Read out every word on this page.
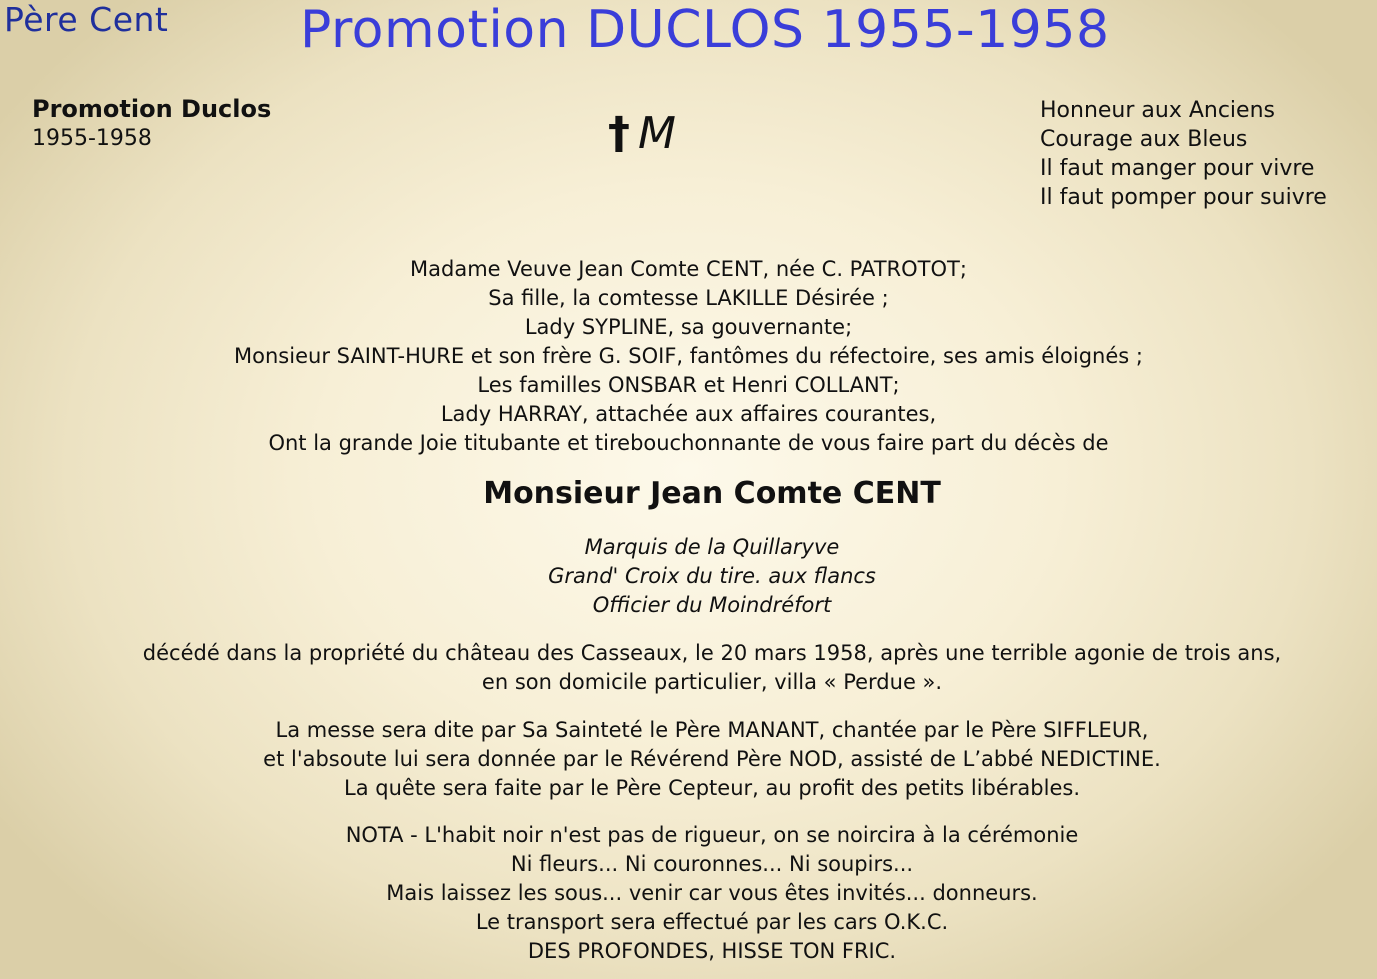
Père Cent	Promotion DUCLOS 1955-1958
Promotion Duclos
1955-1958	† M	Honneur aux Anciens
Courage aux Bleus
Il faut manger pour vivre
Il faut pomper pour suivre
Madame Veuve Jean Comte CENT, née C. PATROTOT;
Sa fille, la comtesse LAKILLE Désirée ;
Lady SYPLINE, sa gouvernante;
Monsieur SAINT-HURE et son frère G. SOIF, fantômes du réfectoire, ses amis éloignés ;
Les familles ONSBAR et Henri COLLANT;
Lady HARRAY, attachée aux affaires courantes,
Ont la grande Joie titubante et tirebouchonnante de vous faire part du décès de
Monsieur Jean Comte CENT
Marquis de la Quillaryve
Grand' Croix du tire. aux flancs
Officier du Moindréfort
décédé dans la propriété du château des Casseaux, le 20 mars 1958, après une terrible agonie de trois ans,
en son domicile particulier, villa « Perdue ».
La messe sera dite par Sa Sainteté le Père MANANT, chantée par le Père SIFFLEUR,
et l'absoute lui sera donnée par le Révérend Père NOD, assisté de L’abbé NEDICTINE.
La quête sera faite par le Père Cepteur, au profit des petits libérables.
NOTA - L'habit noir n'est pas de rigueur, on se noircira à la cérémonie
Ni fleurs... Ni couronnes... Ni soupirs...
Mais laissez les sous... venir car vous êtes invités... donneurs.
Le transport sera effectué par les cars O.K.C.
DES PROFONDES, HISSE TON FRIC.
